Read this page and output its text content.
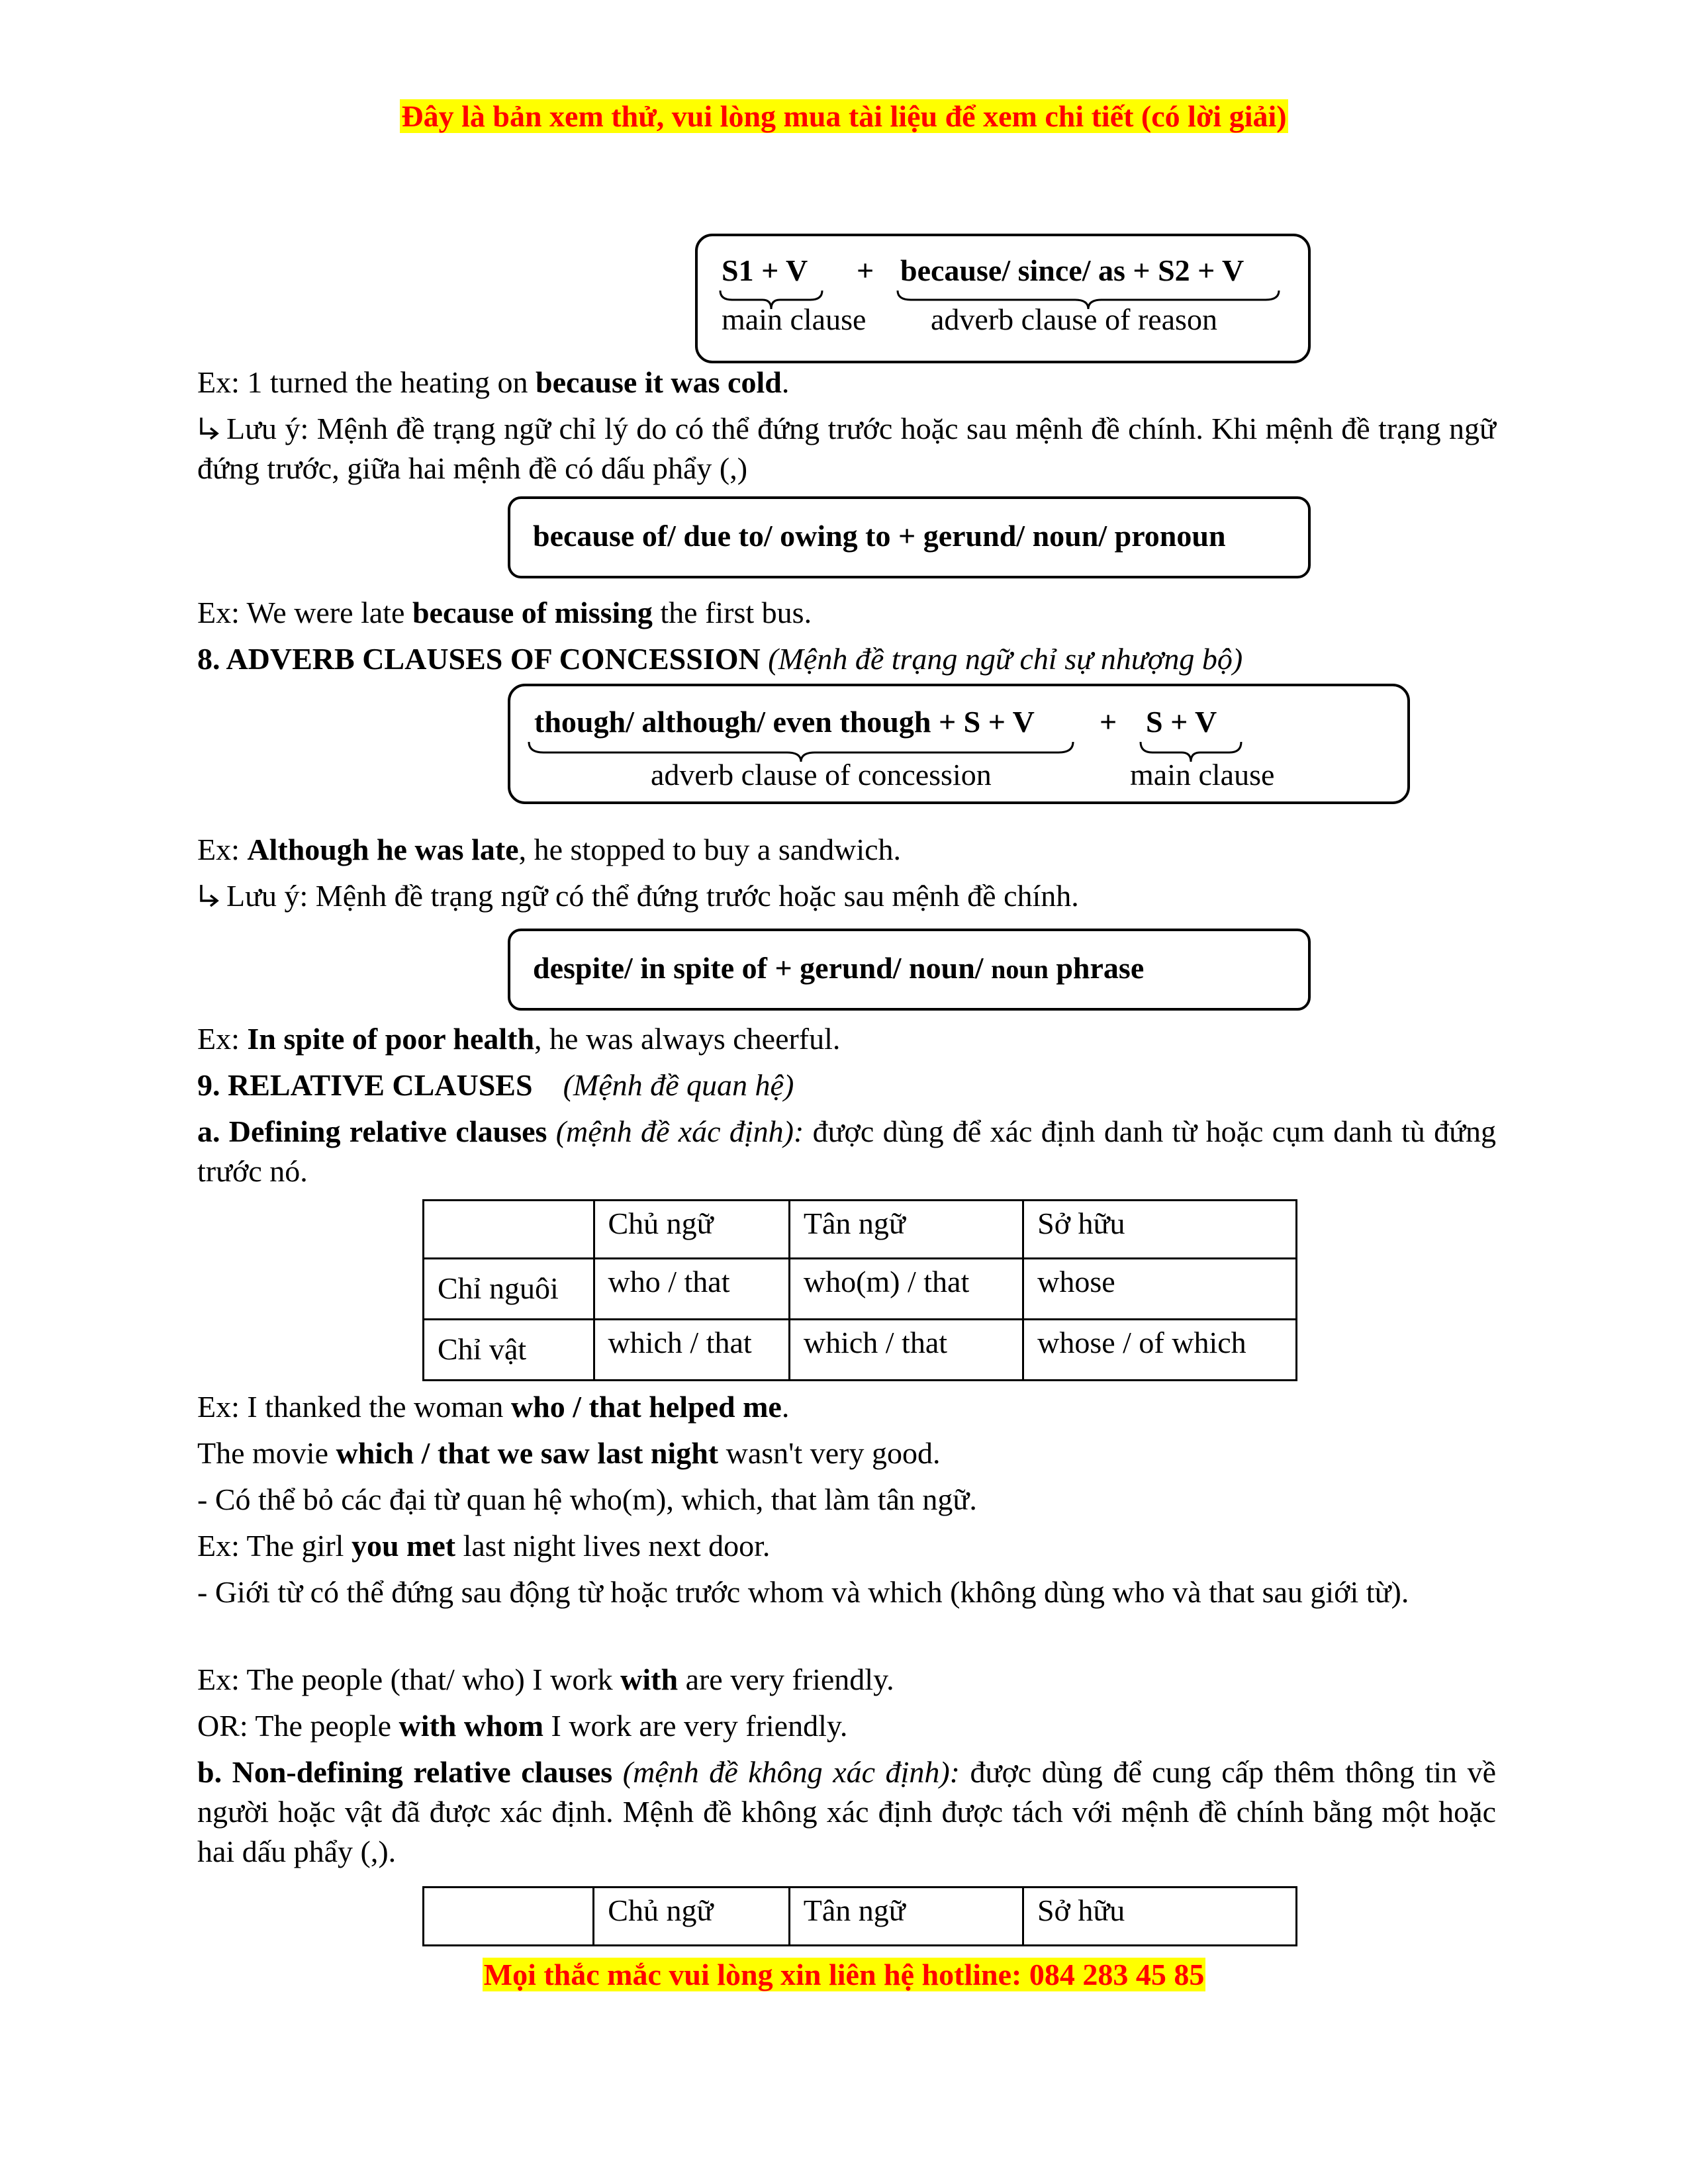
Đây là bản xem thử, vui lòng mua tài liệu để xem chi tiết (có lời giải)
S1 + V + because/ since/ as + S2 + V
main clause adverb clause of reason
Ex: 1 turned the heating on because it was cold.
Lưu ý: Mệnh đề trạng ngữ chỉ lý do có thể đứng trước hoặc sau mệnh đề chính. Khi mệnh đề trạng ngữ đứng trước, giữa hai mệnh đề có dấu phẩy (,)
because of/ due to/ owing to + gerund/ noun/ pronoun
Ex: We were late because of missing the first bus.
8. ADVERB CLAUSES OF CONCESSION (Mệnh đề trạng ngữ chỉ sự nhượng bộ)
though/ although/ even though + S + V + S + V
adverb clause of concession	main clause
Ex: Although he was late, he stopped to buy a sandwich.
Lưu ý: Mệnh đề trạng ngữ có thể đứng trước hoặc sau mệnh đề chính.
despite/ in spite of + gerund/ noun/ noun phrase
Ex: In spite of poor health, he was always cheerful.
9. RELATIVE CLAUSES (Mệnh đề quan hệ)
a. Defining relative clauses (mệnh đề xác định): được dùng để xác định danh từ hoặc cụm danh tù đứng trước nó.
	Chủ ngữ	Tân ngữ	Sở hữu
Chỉ nguôi	who / that	who(m) / that	whose
Chỉ vật	which / that	which / that	whose / of which
Ex: I thanked the woman who / that helped me.
The movie which / that we saw last night wasn't very good.
- Có thể bỏ các đại từ quan hệ who(m), which, that làm tân ngữ.
Ex: The girl you met last night lives next door.
- Giới từ có thể đứng sau động từ hoặc trước whom và which (không dùng who và that sau giới từ).
Ex: The people (that/ who) I work with are very friendly.
OR: The people with whom I work are very friendly.
b. Non-defining relative clauses (mệnh đề không xác định): được dùng để cung cấp thêm thông tin về người hoặc vật đã được xác định. Mệnh đề không xác định được tách với mệnh đề chính bằng một hoặc hai dấu phẩy (,).
	Chủ ngữ	Tân ngữ	Sở hữu
Mọi thắc mắc vui lòng xin liên hệ hotline: 084 283 45 85
